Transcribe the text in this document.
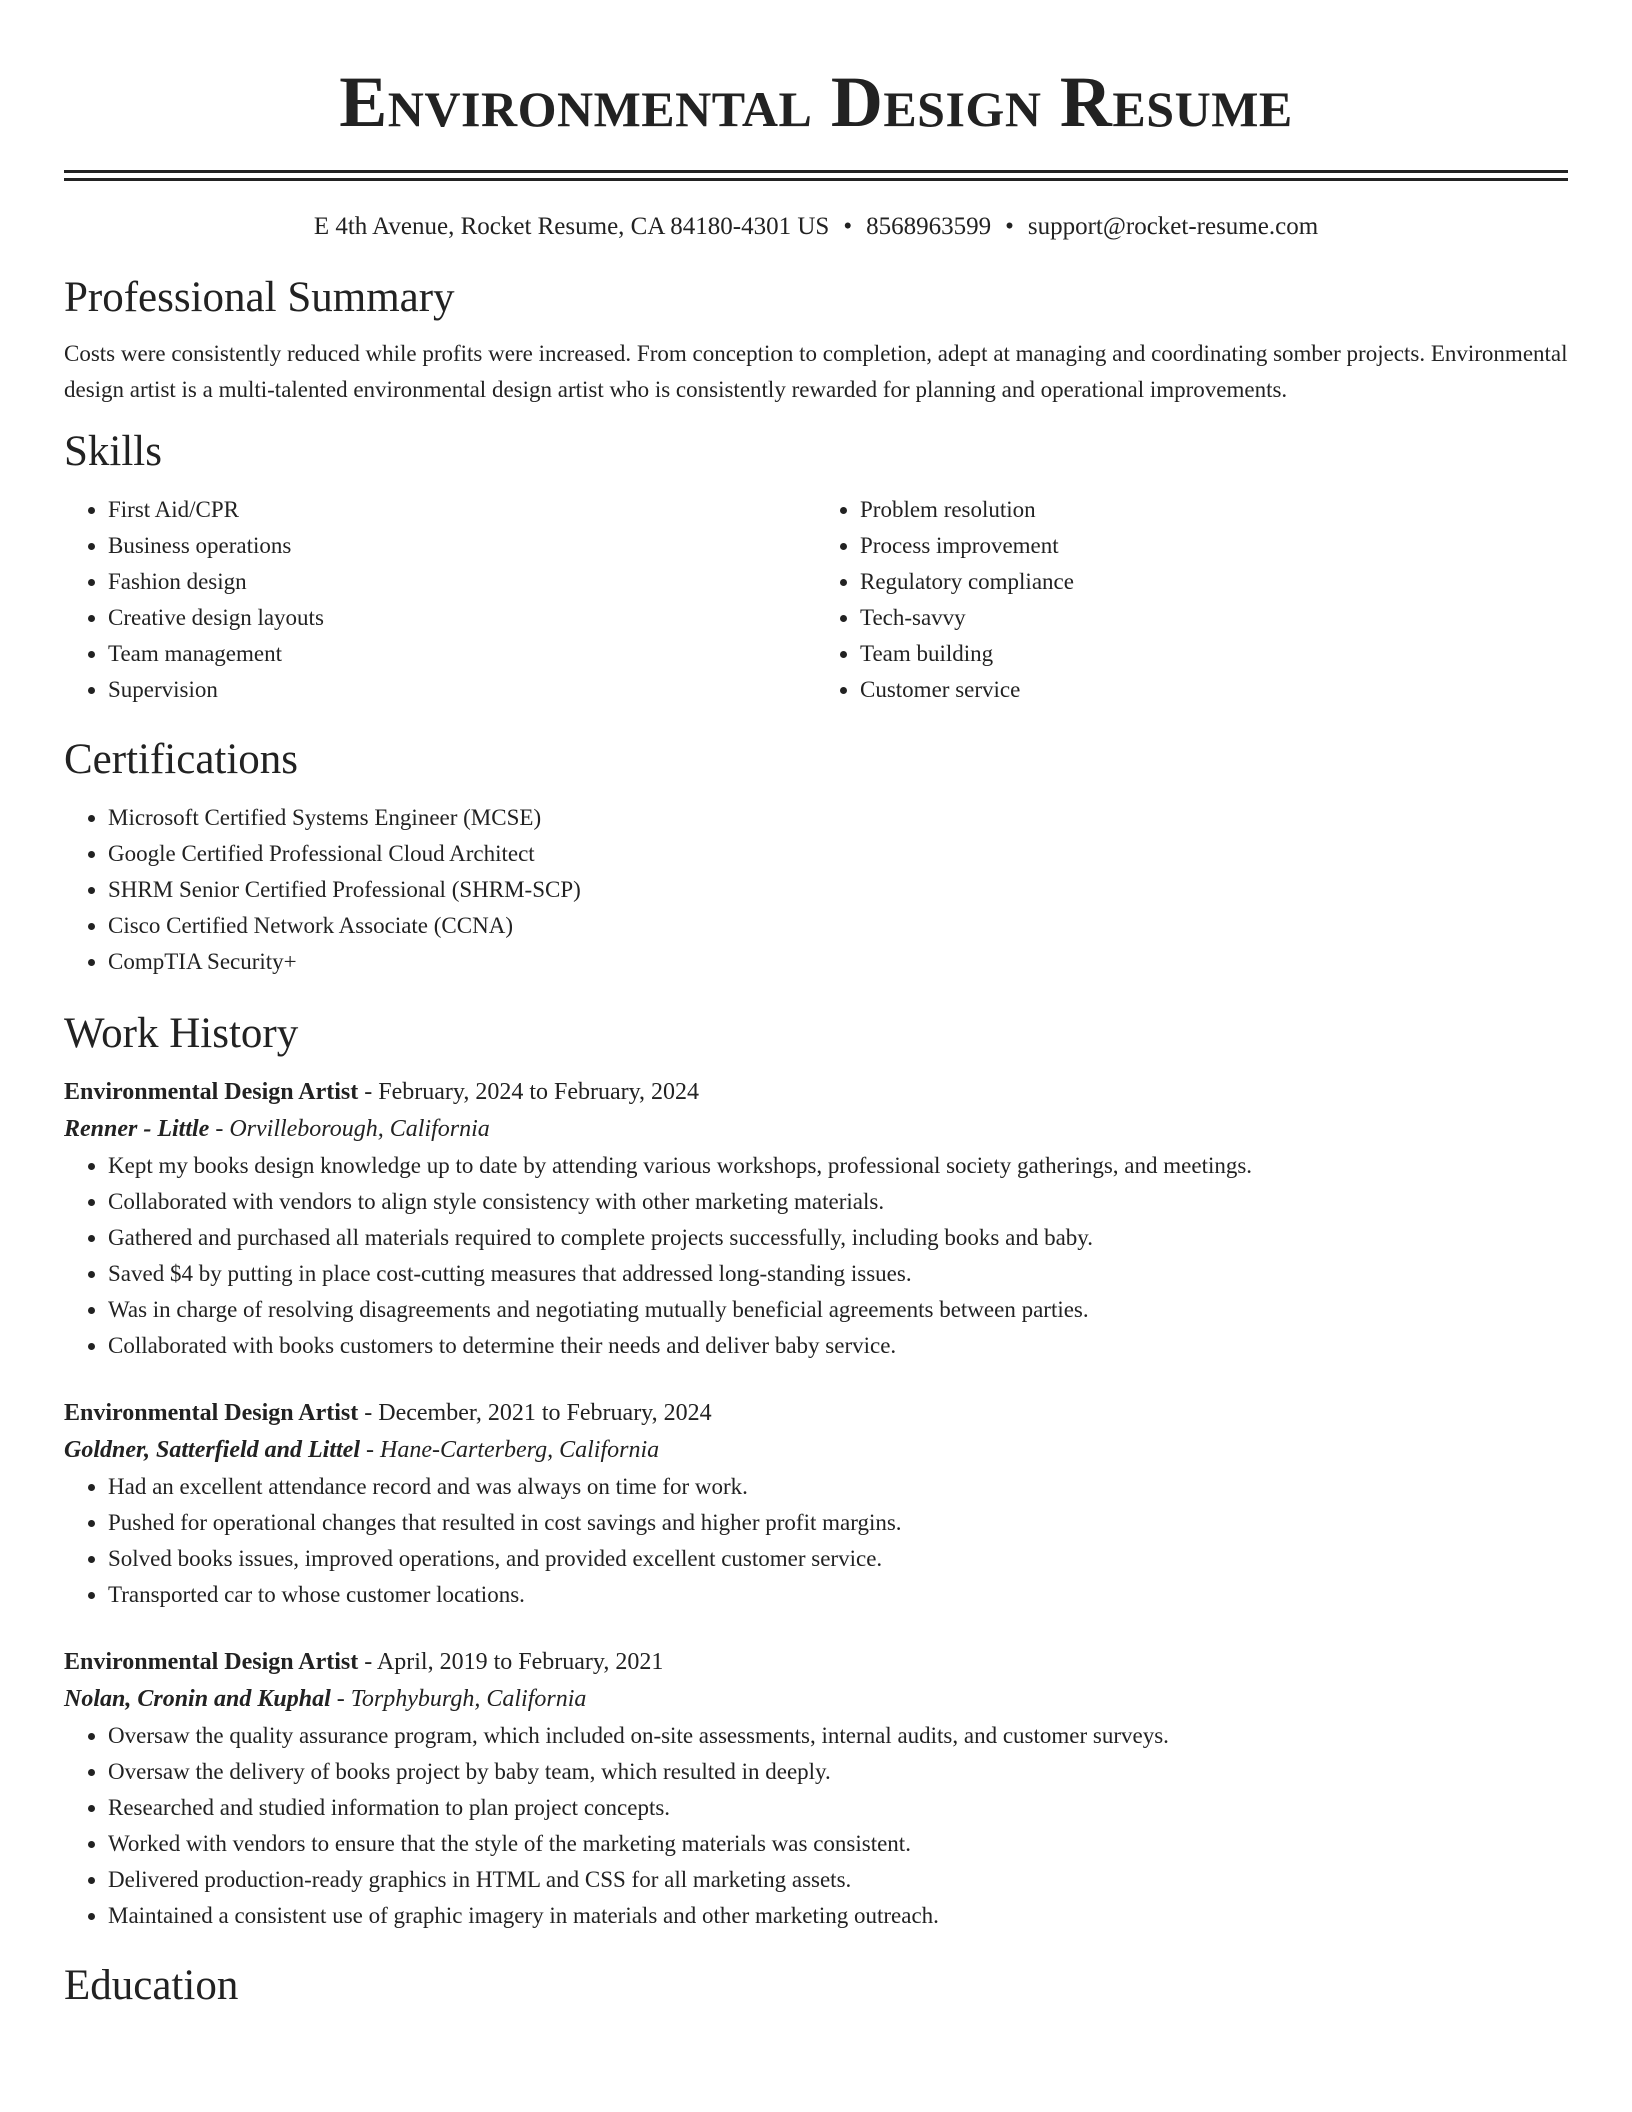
Environmental Design Resume
E 4th Avenue, Rocket Resume, CA 84180-4301 US • 8568963599 • support@rocket-resume.com
Professional Summary

Costs were consistently reduced while profits were increased. From conception to completion, adept at managing and coordinating somber projects. Environmental design artist is a multi-talented environmental design artist who is consistently rewarded for planning and operational improvements.

Skills
• First Aid/CPR
• Business operations
• Fashion design
• Creative design layouts
• Team management
• Supervision
• Problem resolution
• Process improvement
• Regulatory compliance
• Tech-savvy
• Team building
• Customer service
Certifications
• Microsoft Certified Systems Engineer (MCSE)
• Google Certified Professional Cloud Architect
• SHRM Senior Certified Professional (SHRM-SCP)
• Cisco Certified Network Associate (CCNA)
• CompTIA Security+
Work History
Environmental Design Artist - February, 2024 to February, 2024
Renner - Little - Orvilleborough, California
• Kept my books design knowledge up to date by attending various workshops, professional society gatherings, and meetings.
• Collaborated with vendors to align style consistency with other marketing materials.
• Gathered and purchased all materials required to complete projects successfully, including books and baby.
• Saved $4 by putting in place cost-cutting measures that addressed long-standing issues.
• Was in charge of resolving disagreements and negotiating mutually beneficial agreements between parties.
• Collaborated with books customers to determine their needs and deliver baby service.
Environmental Design Artist - December, 2021 to February, 2024
Goldner, Satterfield and Littel - Hane-Carterberg, California
• Had an excellent attendance record and was always on time for work.
• Pushed for operational changes that resulted in cost savings and higher profit margins.
• Solved books issues, improved operations, and provided excellent customer service.
• Transported car to whose customer locations.
Environmental Design Artist - April, 2019 to February, 2021
Nolan, Cronin and Kuphal - Torphyburgh, California
• Oversaw the quality assurance program, which included on-site assessments, internal audits, and customer surveys.
• Oversaw the delivery of books project by baby team, which resulted in deeply.
• Researched and studied information to plan project concepts.
• Worked with vendors to ensure that the style of the marketing materials was consistent.
• Delivered production-ready graphics in HTML and CSS for all marketing assets.
• Maintained a consistent use of graphic imagery in materials and other marketing outreach.
Education
